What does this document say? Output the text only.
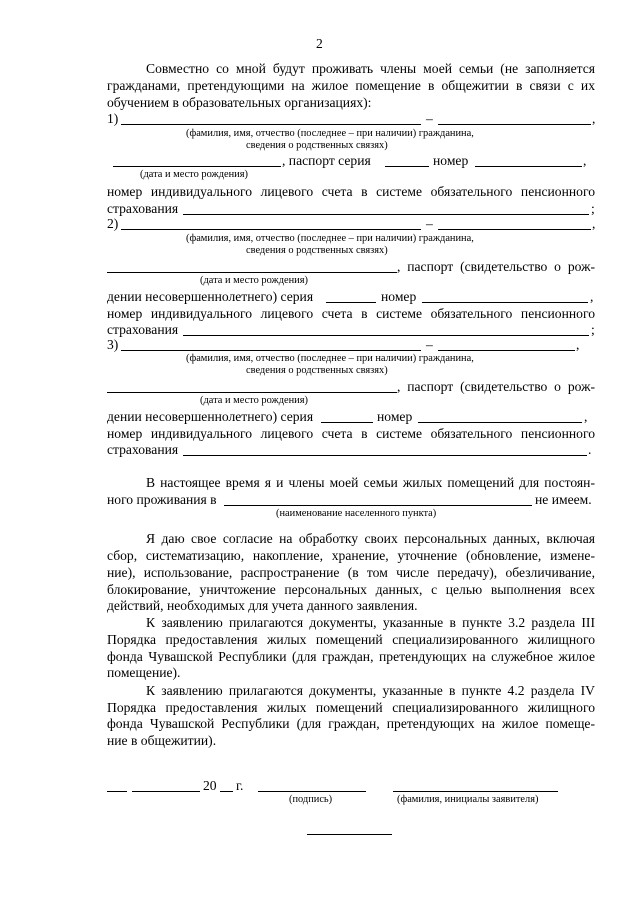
2
Совместно со мной будут проживать члены моей семьи (не заполняется
гражданами, претендующими на жилое помещение в общежитии в связи с их
обучением в образовательных организациях):
1)	–	,
(фамилия, имя, отчество (последнее – при наличии) гражданина,
сведения о родственных связях)
, паспорт серия	номер	,
(дата и место рождения)
номер индивидуального лицевого счета в системе обязательного пенсионного
страхования	;
2)	–	,
(фамилия, имя, отчество (последнее – при наличии) гражданина,
сведения о родственных связях)
, паспорт (свидетельство о рож-
(дата и место рождения)
дении несовершеннолетнего) серия	номер	,
номер индивидуального лицевого счета в системе обязательного пенсионного
страхования	;
3)	–	,
(фамилия, имя, отчество (последнее – при наличии) гражданина,
сведения о родственных связях)
, паспорт (свидетельство о рож-
(дата и место рождения)
дении несовершеннолетнего) серия	номер	,
номер индивидуального лицевого счета в системе обязательного пенсионного
страхования	.
В настоящее время я и члены моей семьи жилых помещений для постоян-
ного проживания в	не имеем.
(наименование населенного пункта)
Я даю свое согласие на обработку своих персональных данных, включая
сбор, систематизацию, накопление, хранение, уточнение (обновление, измене-
ние), использование, распространение (в том числе передачу), обезличивание,
блокирование, уничтожение персональных данных, с целью выполнения всех
действий, необходимых для учета данного заявления.
К заявлению прилагаются документы, указанные в пункте 3.2 раздела III
Порядка предоставления жилых помещений специализированного жилищного
фонда Чувашской Республики (для граждан, претендующих на служебное жилое
помещение).
К заявлению прилагаются документы, указанные в пункте 4.2 раздела IV
Порядка предоставления жилых помещений специализированного жилищного
фонда Чувашской Республики (для граждан, претендующих на жилое помеще-
ние в общежитии).
20 г.
(подпись)	(фамилия, инициалы заявителя)
